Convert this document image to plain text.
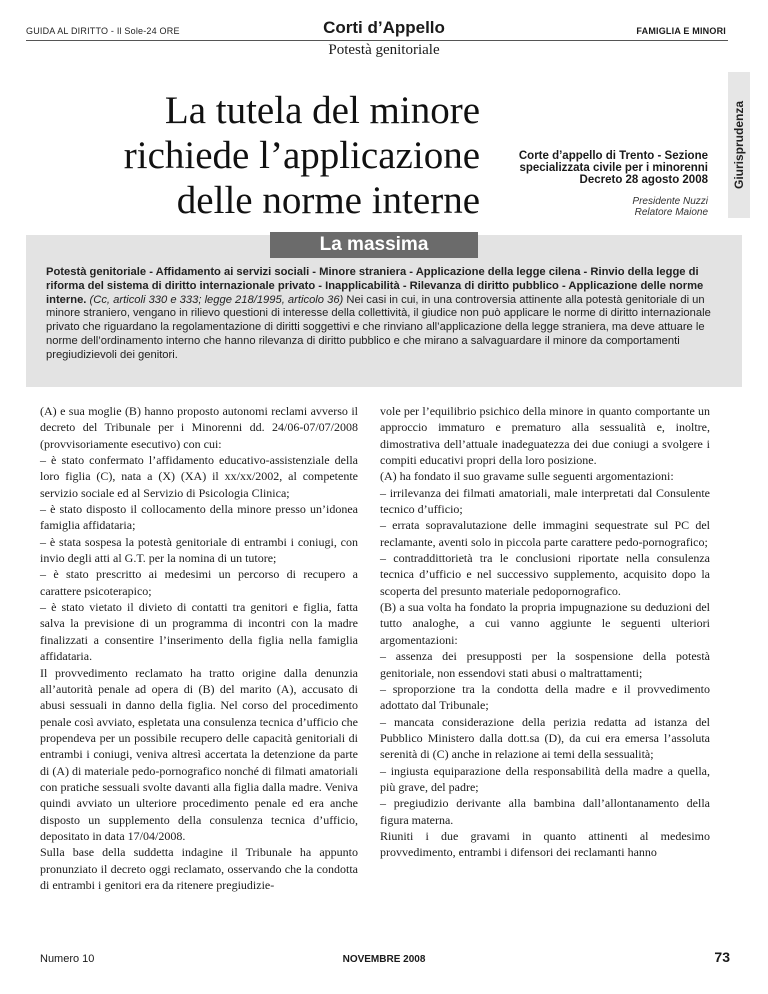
GUIDA AL DIRITTO - Il Sole-24 ORE	Corti d’Appello	FAMIGLIA E MINORI
Potestà genitoriale
Giurisprudenza
La tutela del minore
richiede l’applicazione
delle norme interne
Corte d’appello di Trento - Sezione
specializzata civile per i minorenni
Decreto 28 agosto 2008
Presidente Nuzzi
Relatore Maione
La massima
Potestà genitoriale - Affidamento ai servizi sociali - Minore straniera - Applicazione della legge cilena - Rinvio della legge di riforma del sistema di diritto internazionale privato - Inapplicabilità - Rilevanza di diritto pubblico - Applicazione delle norme interne. (Cc, articoli 330 e 333; legge 218/1995, articolo 36) Nei casi in cui, in una controversia attinente alla potestà genitoriale di un minore straniero, vengano in rilievo questioni di interesse della collettività, il giudice non può applicare le norme di diritto internazionale privato che riguardano la regolamentazione di diritti soggettivi e che rinviano all’applicazione della legge straniera, ma deve attuare le norme dell’ordinamento interno che hanno rilevanza di diritto pubblico e che mirano a salvaguardare il minore da comportamenti pregiudizievoli dei genitori.

(A) e sua moglie (B) hanno proposto autonomi reclami avverso il decreto del Tribunale per i Minorenni dd. 24/06-07/07/2008 (provvisoriamente esecutivo) con cui:

– è stato confermato l’affidamento educativo-assistenziale della loro figlia (C), nata a (X) (XA) il xx/xx/2002, al competente servizio sociale ed al Servizio di Psicologia Clinica;

– è stato disposto il collocamento della minore presso un’idonea famiglia affidataria;

– è stata sospesa la potestà genitoriale di entrambi i coniugi, con invio degli atti al G.T. per la nomina di un tutore;

– è stato prescritto ai medesimi un percorso di recupero a carattere psicoterapico;

– è stato vietato il divieto di contatti tra genitori e figlia, fatta salva la previsione di un programma di incontri con la madre finalizzati a consentire l’inserimento della figlia nella famiglia affidataria.

Il provvedimento reclamato ha tratto origine dalla denunzia all’autorità penale ad opera di (B) del marito (A), accusato di abusi sessuali in danno della figlia. Nel corso del procedimento penale così avviato, espletata una consulenza tecnica d’ufficio che propendeva per un possibile recupero delle capacità genitoriali di entrambi i coniugi, veniva altresì accertata la detenzione da parte di (A) di materiale pedo-pornografico nonché di filmati amatoriali con pratiche sessuali svolte davanti alla figlia dalla madre. Veniva quindi avviato un ulteriore procedimento penale ed era anche disposto un supplemento della consulenza tecnica d’ufficio, depositato in data 17/04/2008.

Sulla base della suddetta indagine il Tribunale ha appunto pronunziato il decreto oggi reclamato, osservando che la condotta di entrambi i genitori era da ritenere pregiudizie-

vole per l’equilibrio psichico della minore in quanto comportante un approccio immaturo e prematuro alla sessualità e, inoltre, dimostrativa dell’attuale inadeguatezza dei due coniugi a svolgere i compiti educativi propri della loro posizione.

(A) ha fondato il suo gravame sulle seguenti argomentazioni:

– irrilevanza dei filmati amatoriali, male interpretati dal Consulente tecnico d’ufficio;

– errata sopravalutazione delle immagini sequestrate sul PC del reclamante, aventi solo in piccola parte carattere pedo-pornografico;

– contraddittorietà tra le conclusioni riportate nella consulenza tecnica d’ufficio e nel successivo supplemento, acquisito dopo la scoperta del presunto materiale pedopornografico.

(B) a sua volta ha fondato la propria impugnazione su deduzioni del tutto analoghe, a cui vanno aggiunte le seguenti ulteriori argomentazioni:

– assenza dei presupposti per la sospensione della potestà genitoriale, non essendovi stati abusi o maltrattamenti;

– sproporzione tra la condotta della madre e il provvedimento adottato dal Tribunale;

– mancata considerazione della perizia redatta ad istanza del Pubblico Ministero dalla dott.sa (D), da cui era emersa l’assoluta serenità di (C) anche in relazione ai temi della sessualità;

– ingiusta equiparazione della responsabilità della madre a quella, più grave, del padre;

– pregiudizio derivante alla bambina dall’allontanamento della figura materna.

Riuniti i due gravami in quanto attinenti al medesimo provvedimento, entrambi i difensori dei reclamanti hanno

Numero 10	NOVEMBRE 2008	73
